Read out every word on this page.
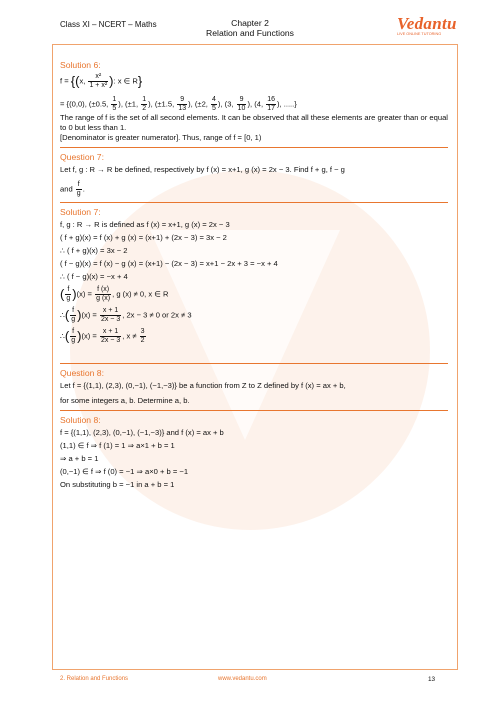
Class XI – NCERT – Maths	Chapter 2
Relation and Functions	Vedantu
LIVE ONLINE TUTORING
Solution 6:
f = {(x, $\frac{\text{x²}}{\text{1 + x²}}$ ): x ∈ R}
= {(0,0), (±0.5, $\frac{1}{5}$ ), (±1, $\frac{1}{2}$ ), (±1.5, $\frac{9}{13}$ ), (±2, $\frac{4}{5}$ ), (3, $\frac{9}{10}$ ), (4, $\frac{16}{17}$ ), .....}

The range of f is the set of all second elements. It can be observed that all these elements are greater than or equal to 0 but less than 1.

[Denominator is greater numerator]. Thus, range of f = [0, 1)

Question 7:
Let f, g : R → R be defined, respectively by f (x) = x+1, g (x) = 2x − 3. Find f + g, f − g
and $\frac{f}{g}$ .
Solution 7:
f, g : R → R is defined as f (x) = x+1, g (x) = 2x − 3
( f + g)(x) = f (x) + g (x) = (x+1) + (2x − 3) = 3x − 2
∴ ( f + g)(x) = 3x − 2
( f − g)(x) = f (x) − g (x) = (x+1) − (2x − 3) = x+1 − 2x + 3 = −x + 4
∴ ( f − g)(x) = −x + 4
( $\frac{f}{g} )(x) = \frac{f (x)}{g (x)}$ , g (x) ≠ 0, x ∈ R
∴( $\frac{f}{g} )(x) = \frac{x + 1}{2x - 3}$ , 2x − 3 ≠ 0 or 2x ≠ 3
∴( $\frac{f}{g} )(x) = \frac{x + 1}{2x - 3}$ , $x \ne \frac{3}{2}$
Question 8:
Let f = {(1,1), (2,3), (0,−1), (−1,−3)} be a function from Z to Z defined by f (x) = ax + b,
for some integers a, b. Determine a, b.
Solution 8:
f = {(1,1), (2,3), (0,−1), (−1,−3)} and f (x) = ax + b
(1,1) ∈ f ⇒ f (1) = 1 ⇒ a×1 + b = 1
⇒ a + b = 1
(0,−1) ∈ f ⇒ f (0) = −1 ⇒ a×0 + b = −1
On substituting b = −1 in a + b = 1
2. Relation and Functions	www.vedantu.com	13
